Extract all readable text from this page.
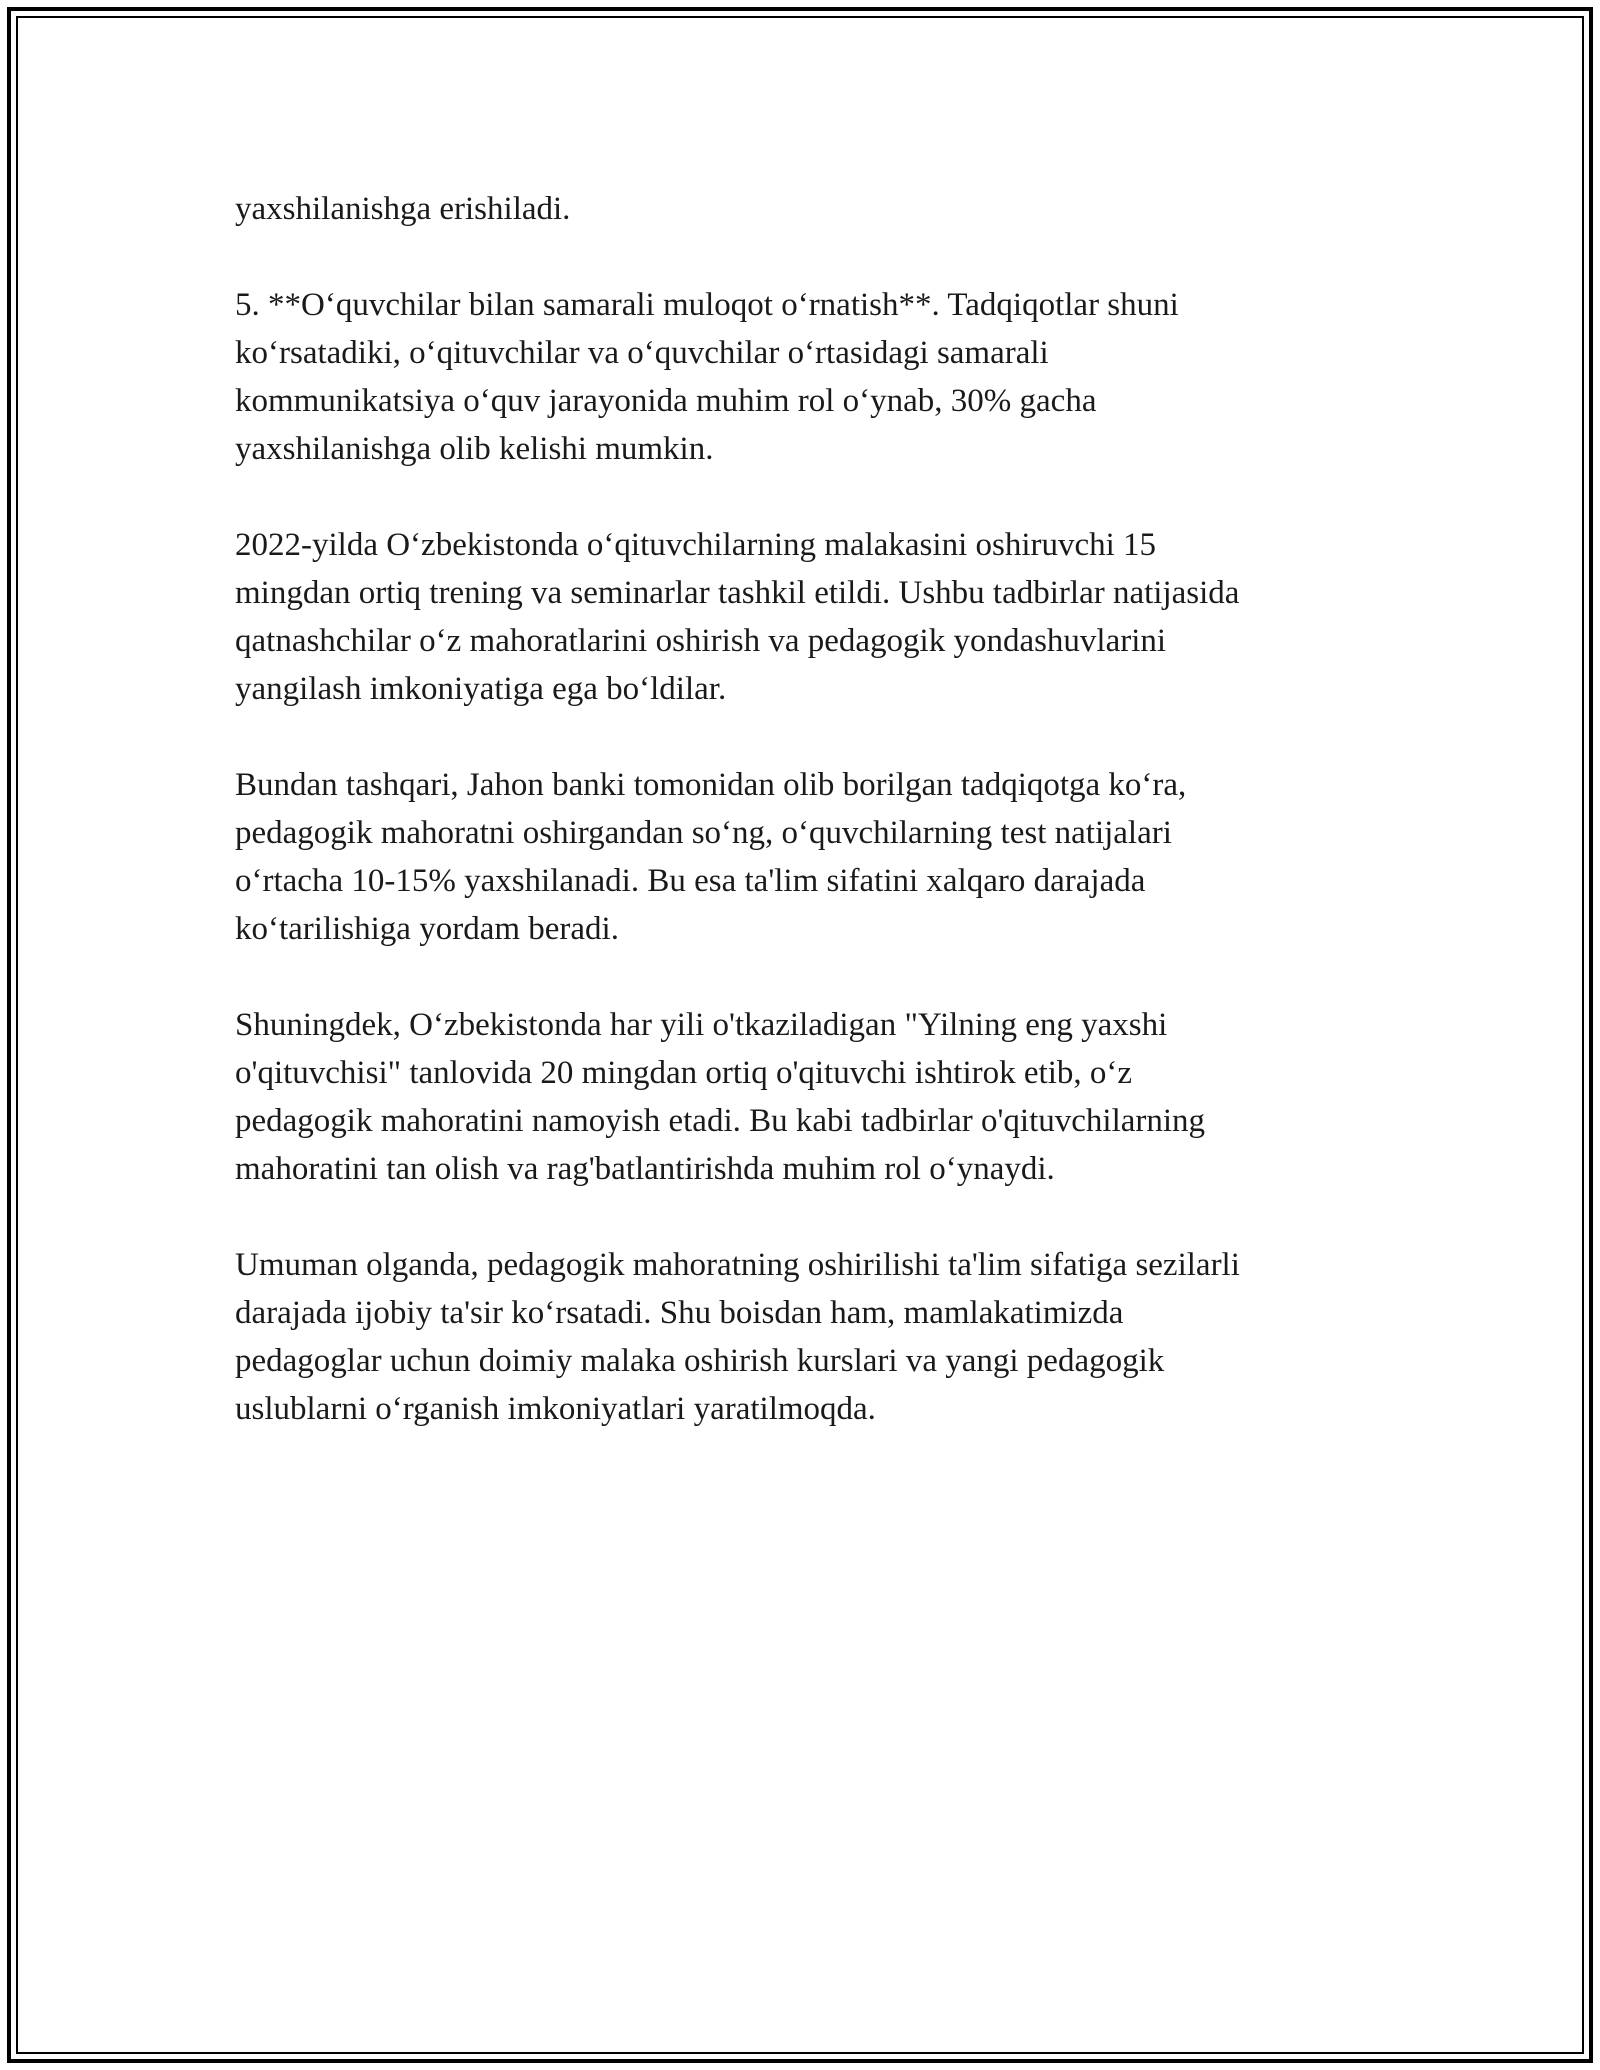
yaxshilanishga erishiladi.

5. **O‘quvchilar bilan samarali muloqot o‘rnatish**. Tadqiqotlar shuni
ko‘rsatadiki, o‘qituvchilar va o‘quvchilar o‘rtasidagi samarali
kommunikatsiya o‘quv jarayonida muhim rol o‘ynab, 30% gacha
yaxshilanishga olib kelishi mumkin.

2022-yilda O‘zbekistonda o‘qituvchilarning malakasini oshiruvchi 15
mingdan ortiq trening va seminarlar tashkil etildi. Ushbu tadbirlar natijasida
qatnashchilar o‘z mahoratlarini oshirish va pedagogik yondashuvlarini
yangilash imkoniyatiga ega bo‘ldilar.

Bundan tashqari, Jahon banki tomonidan olib borilgan tadqiqotga ko‘ra,
pedagogik mahoratni oshirgandan so‘ng, o‘quvchilarning test natijalari
o‘rtacha 10-15% yaxshilanadi. Bu esa ta'lim sifatini xalqaro darajada
ko‘tarilishiga yordam beradi.

Shuningdek, O‘zbekistonda har yili o'tkaziladigan "Yilning eng yaxshi
o'qituvchisi" tanlovida 20 mingdan ortiq o'qituvchi ishtirok etib, o‘z
pedagogik mahoratini namoyish etadi. Bu kabi tadbirlar o'qituvchilarning
mahoratini tan olish va rag'batlantirishda muhim rol o‘ynaydi.

Umuman olganda, pedagogik mahoratning oshirilishi ta'lim sifatiga sezilarli
darajada ijobiy ta'sir ko‘rsatadi. Shu boisdan ham, mamlakatimizda
pedagoglar uchun doimiy malaka oshirish kurslari va yangi pedagogik
uslublarni o‘rganish imkoniyatlari yaratilmoqda.
